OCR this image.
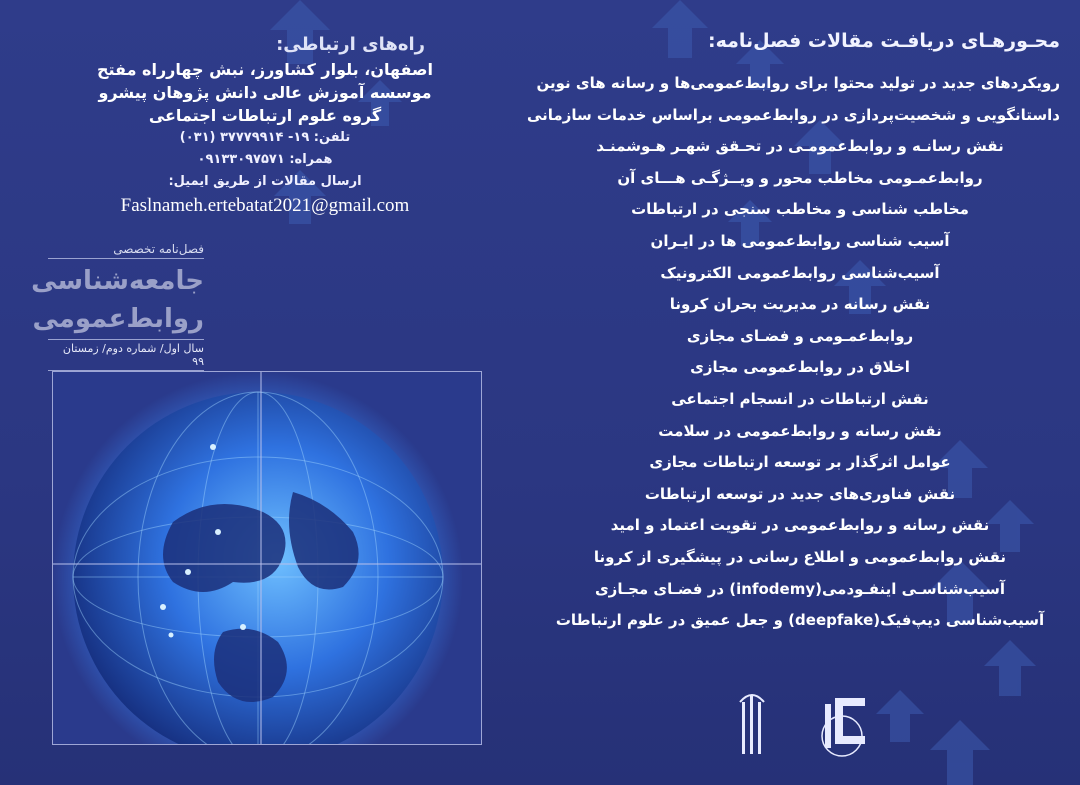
محـورهـای دریافـت مقالات فصل‌نامه:
رویکردهای جدید در تولید محتوا برای روابط‌عمومی‌ها و رسانه‌ های نوین
داستانگویی و شخصیت‌پردازی در روابط‌عمومی براساس خدمات سازمانی
نقش رسانـه و روابط‌عمومـی در تحـقق شهـر هـوشمنـد
روابط‌عمـومی مخاطب محور و ویــژگـی هـــای آن
مخاطب شناسی و مخاطب سنجی در ارتباطات
آسیب شناسی روابط‌عمومی ها در ایـران
آسیب‌شناسی روابط‌عمومی الکترونیک
نقش رسانه در مدیریت بحران کرونا
روابط‌عمـومی و فضـای مجازی
اخلاق در روابط‌عمومی مجازی
نقش ارتباطات در انسجام اجتماعی
نقش رسانه و روابط‌عمومی در سلامت
عوامل اثرگذار بر توسعه ارتباطات مجازی
نقش فناوری‌های جدید در توسعه ارتباطات
نقش رسانه و روابط‌عمومی در تقویت اعتماد و امید
نقش روابط‌عمومی و اطلاع رسانی در پیشگیری از کرونا
آسیب‌شناسـی اینفـودمی(infodemy) در فضـای مجـازی
آسیب‌شناسی دیپ‌فیک(deepfake) و جعل عمیق در علوم ارتباطات
راه‌های ارتباطی:
اصفهان، بلوار کشاورز، نبش چهارراه مفتح
موسسه آموزش عالی دانش پژوهان پیشرو
گروه علوم ارتباطات اجتماعی
تلفن: ۱۹- ۳۷۷۷۹۹۱۴ (۰۳۱)
همراه: ۰۹۱۳۳۰۹۷۵۷۱
ارسال مقالات از طریق ایمیل:
Faslnameh.ertebatat2021@gmail.com
فصل‌نامه تخصصی
جامعه‌شناسی
روابط‌عمومی
سال اول/ شماره دوم/ زمستان ۹۹
